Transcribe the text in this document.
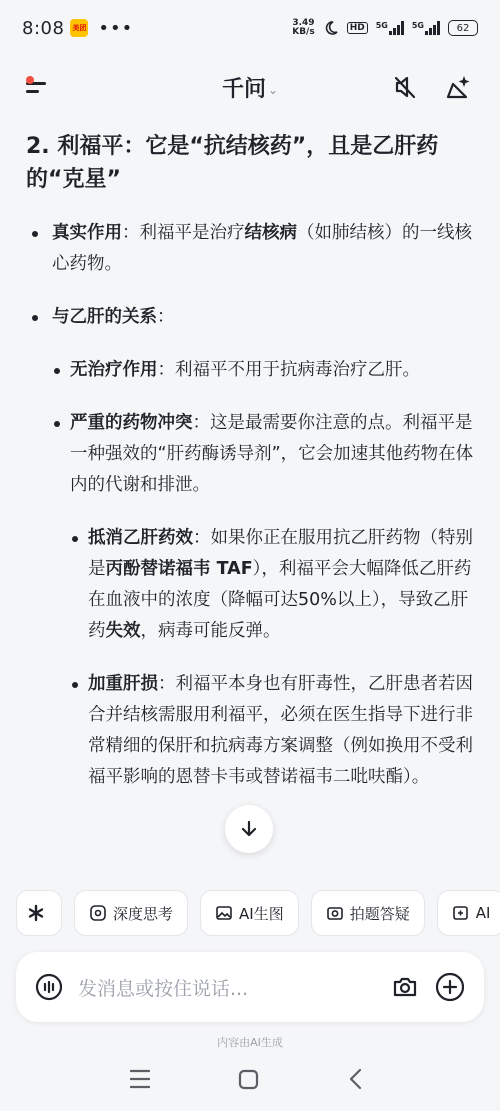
8:08 美团 •••	3.49
KB/s	HD	5G	5G	62
千问 ⌄
2. 利福平：它是“抗结核药”，且是乙肝药的“克星”
真实作用：利福平是治疗结核病（如肺结核）的一线核心药物。
与乙肝的关系：
无治疗作用：利福平不用于抗病毒治疗乙肝。
严重的药物冲突：这是最需要你注意的点。利福平是一种强效的“肝药酶诱导剂”，它会加速其他药物在体内的代谢和排泄。
抵消乙肝药效：如果你正在服用抗乙肝药物（特别是丙酚替诺福韦 TAF），利福平会大幅降低乙肝药在血液中的浓度（降幅可达50%以上），导致乙肝药失效，病毒可能反弹。
加重肝损：利福平本身也有肝毒性，乙肝患者若因合并结核需服用利福平，必须在医生指导下进行非常精细的保肝和抗病毒方案调整（例如换用不受利福平影响的恩替卡韦或替诺福韦二吡呋酯）。
深度思考	AI生图	拍题答疑	AI
发消息或按住说话...
内容由AI生成
